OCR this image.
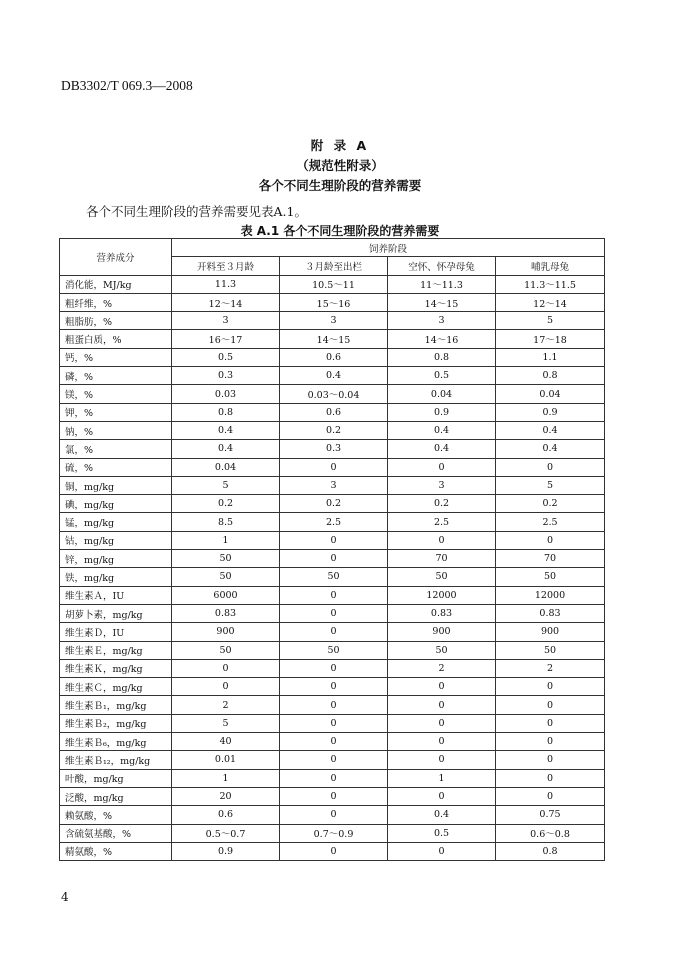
DB3302/T 069.3—2008
附 录 A
（规范性附录）
各个不同生理阶段的营养需要
各个不同生理阶段的营养需要见表A.1。
表 A.1 各个不同生理阶段的营养需要
营养成分	饲养阶段			
	开料至３月龄	３月龄至出栏	空怀、怀孕母兔	哺乳母兔
消化能，MJ/kg	11.3	10.5～11	11～11.3	11.3～11.5
粗纤维，%	12～14	15～16	14～15	12～14
粗脂肪，%	3	3	3	5
粗蛋白质，%	16～17	14～15	14～16	17～18
钙，%	0.5	0.6	0.8	1.1
磷，%	0.3	0.4	0.5	0.8
镁，%	0.03	0.03～0.04	0.04	0.04
钾，%	0.8	0.6	0.9	0.9
钠，%	0.4	0.2	0.4	0.4
氯，%	0.4	0.3	0.4	0.4
硫，%	0.04	0	0	0
铜，mg/kg	5	3	3	5
碘，mg/kg	0.2	0.2	0.2	0.2
锰，mg/kg	8.5	2.5	2.5	2.5
钴，mg/kg	1	0	0	0
锌，mg/kg	50	0	70	70
铁，mg/kg	50	50	50	50
维生素Ａ，IU	6000	0	12000	12000
胡萝卜素，mg/kg	0.83	0	0.83	0.83
维生素Ｄ，IU	900	0	900	900
维生素Ｅ，mg/kg	50	50	50	50
维生素Ｋ，mg/kg	0	0	2	2
维生素Ｃ，mg/kg	0	0	0	0
维生素Ｂ₁，mg/kg	2	0	0	0
维生素Ｂ₂，mg/kg	5	0	0	0
维生素Ｂ₆，mg/kg	40	0	0	0
维生素Ｂ₁₂，mg/kg	0.01	0	0	0
叶酸，mg/kg	1	0	1	0
泛酸，mg/kg	20	0	0	0
赖氨酸，%	0.6	0	0.4	0.75
含硫氨基酸，%	0.5～0.7	0.7～0.9	0.5	0.6～0.8
精氨酸，%	0.9	0	0	0.8
4
